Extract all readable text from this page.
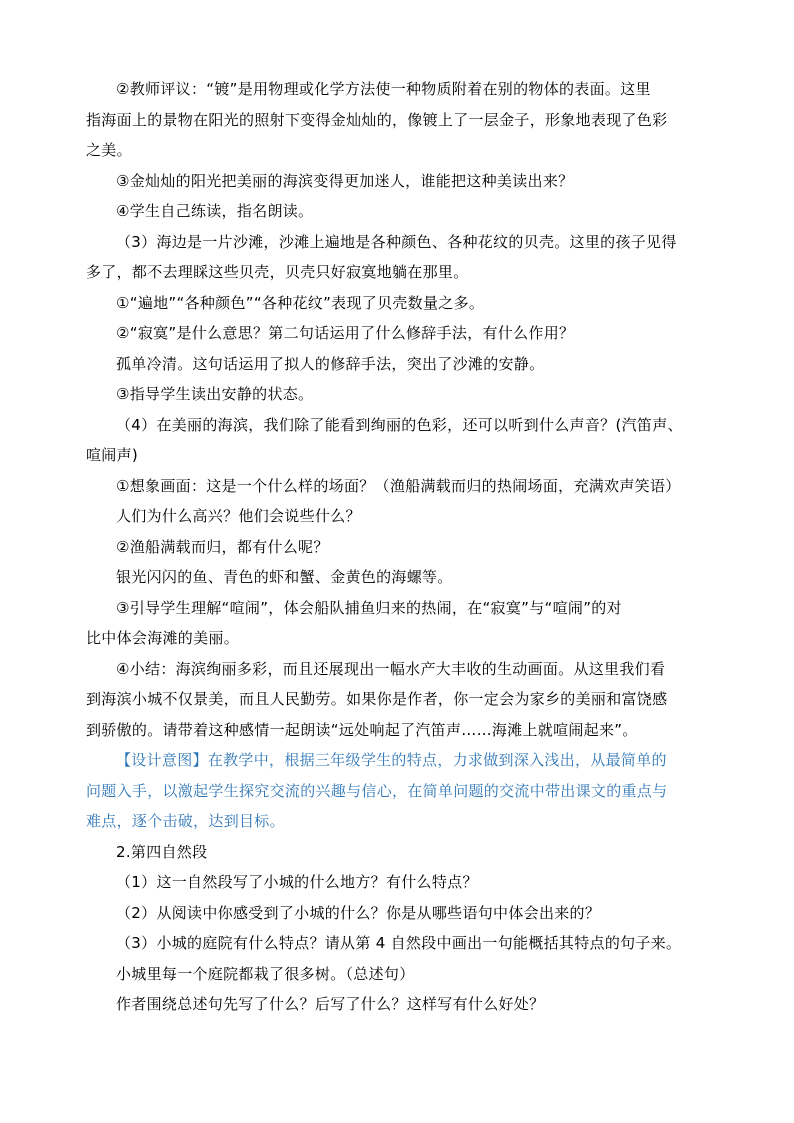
②教师评议：“镀”是用物理或化学方法使一种物质附着在别的物体的表面。这里
指海面上的景物在阳光的照射下变得金灿灿的，像镀上了一层金子，形象地表现了色彩
之美。
③金灿灿的阳光把美丽的海滨变得更加迷人，谁能把这种美读出来？
④学生自己练读，指名朗读。
（3）海边是一片沙滩，沙滩上遍地是各种颜色、各种花纹的贝壳。这里的孩子见得
多了，都不去理睬这些贝壳，贝壳只好寂寞地躺在那里。
①“遍地”“各种颜色”“各种花纹”表现了贝壳数量之多。
②“寂寞”是什么意思？第二句话运用了什么修辞手法，有什么作用？
孤单冷清。这句话运用了拟人的修辞手法，突出了沙滩的安静。
③指导学生读出安静的状态。
（4）在美丽的海滨，我们除了能看到绚丽的色彩，还可以听到什么声音？(汽笛声、
喧闹声)
①想象画面：这是一个什么样的场面？（渔船满载而归的热闹场面，充满欢声笑语）
人们为什么高兴？他们会说些什么？
②渔船满载而归，都有什么呢？
银光闪闪的鱼、青色的虾和蟹、金黄色的海螺等。
③引导学生理解“喧闹”，体会船队捕鱼归来的热闹，在“寂寞”与“喧闹”的对
比中体会海滩的美丽。
④小结：海滨绚丽多彩，而且还展现出一幅水产大丰收的生动画面。从这里我们看
到海滨小城不仅景美，而且人民勤劳。如果你是作者，你一定会为家乡的美丽和富饶感
到骄傲的。请带着这种感情一起朗读“远处响起了汽笛声……海滩上就喧闹起来”。
【设计意图】在教学中，根据三年级学生的特点，力求做到深入浅出，从最简单的
问题入手，以激起学生探究交流的兴趣与信心，在简单问题的交流中带出课文的重点与
难点，逐个击破，达到目标。
2.第四自然段
（1）这一自然段写了小城的什么地方？有什么特点？
（2）从阅读中你感受到了小城的什么？你是从哪些语句中体会出来的？
（3）小城的庭院有什么特点？请从第 4 自然段中画出一句能概括其特点的句子来。
小城里每一个庭院都栽了很多树。（总述句）
作者围绕总述句先写了什么？后写了什么？这样写有什么好处？
